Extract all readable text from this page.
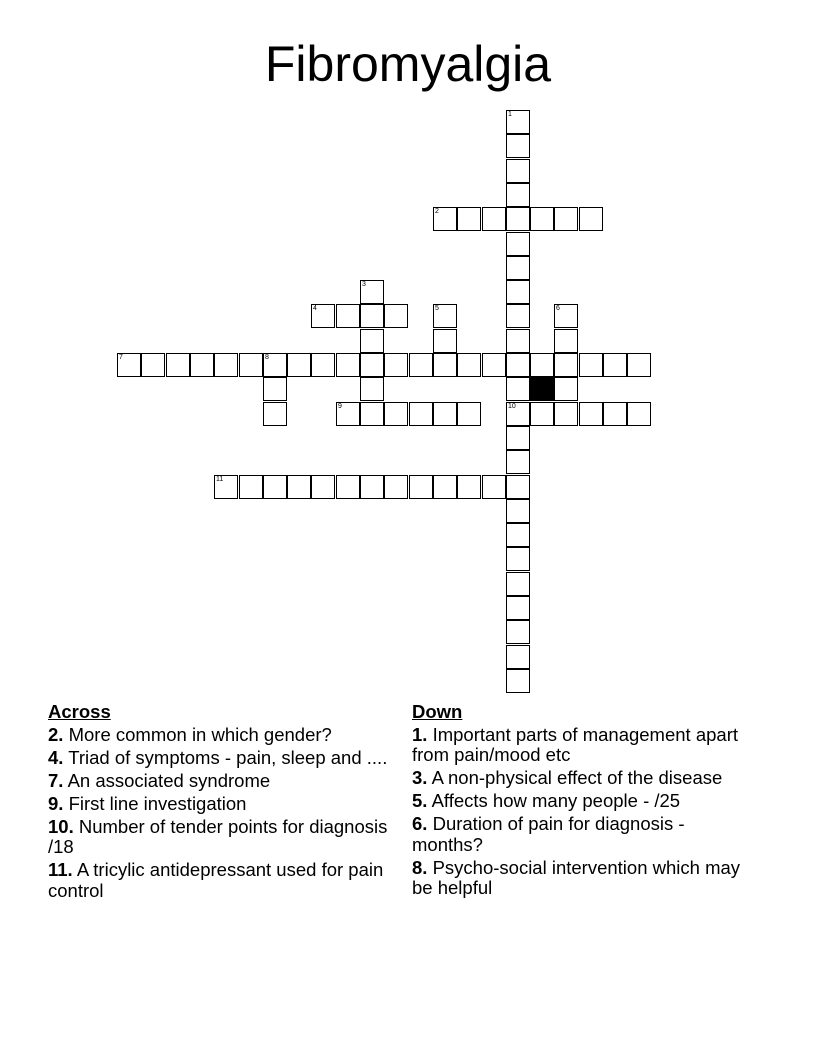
Fibromyalgia
1
2
3
4	5	6
7	8
9	10
11
Across
2. More common in which gender?
4. Triad of symptoms - pain, sleep and ....
7. An associated syndrome
9. First line investigation
10. Number of tender points for diagnosis /18
11. A tricylic antidepressant used for pain control
Down
1. Important parts of management apart from pain/mood etc
3. A non-physical effect of the disease
5. Affects how many people - /25
6. Duration of pain for diagnosis - months?
8. Psycho-social intervention which may be helpful
